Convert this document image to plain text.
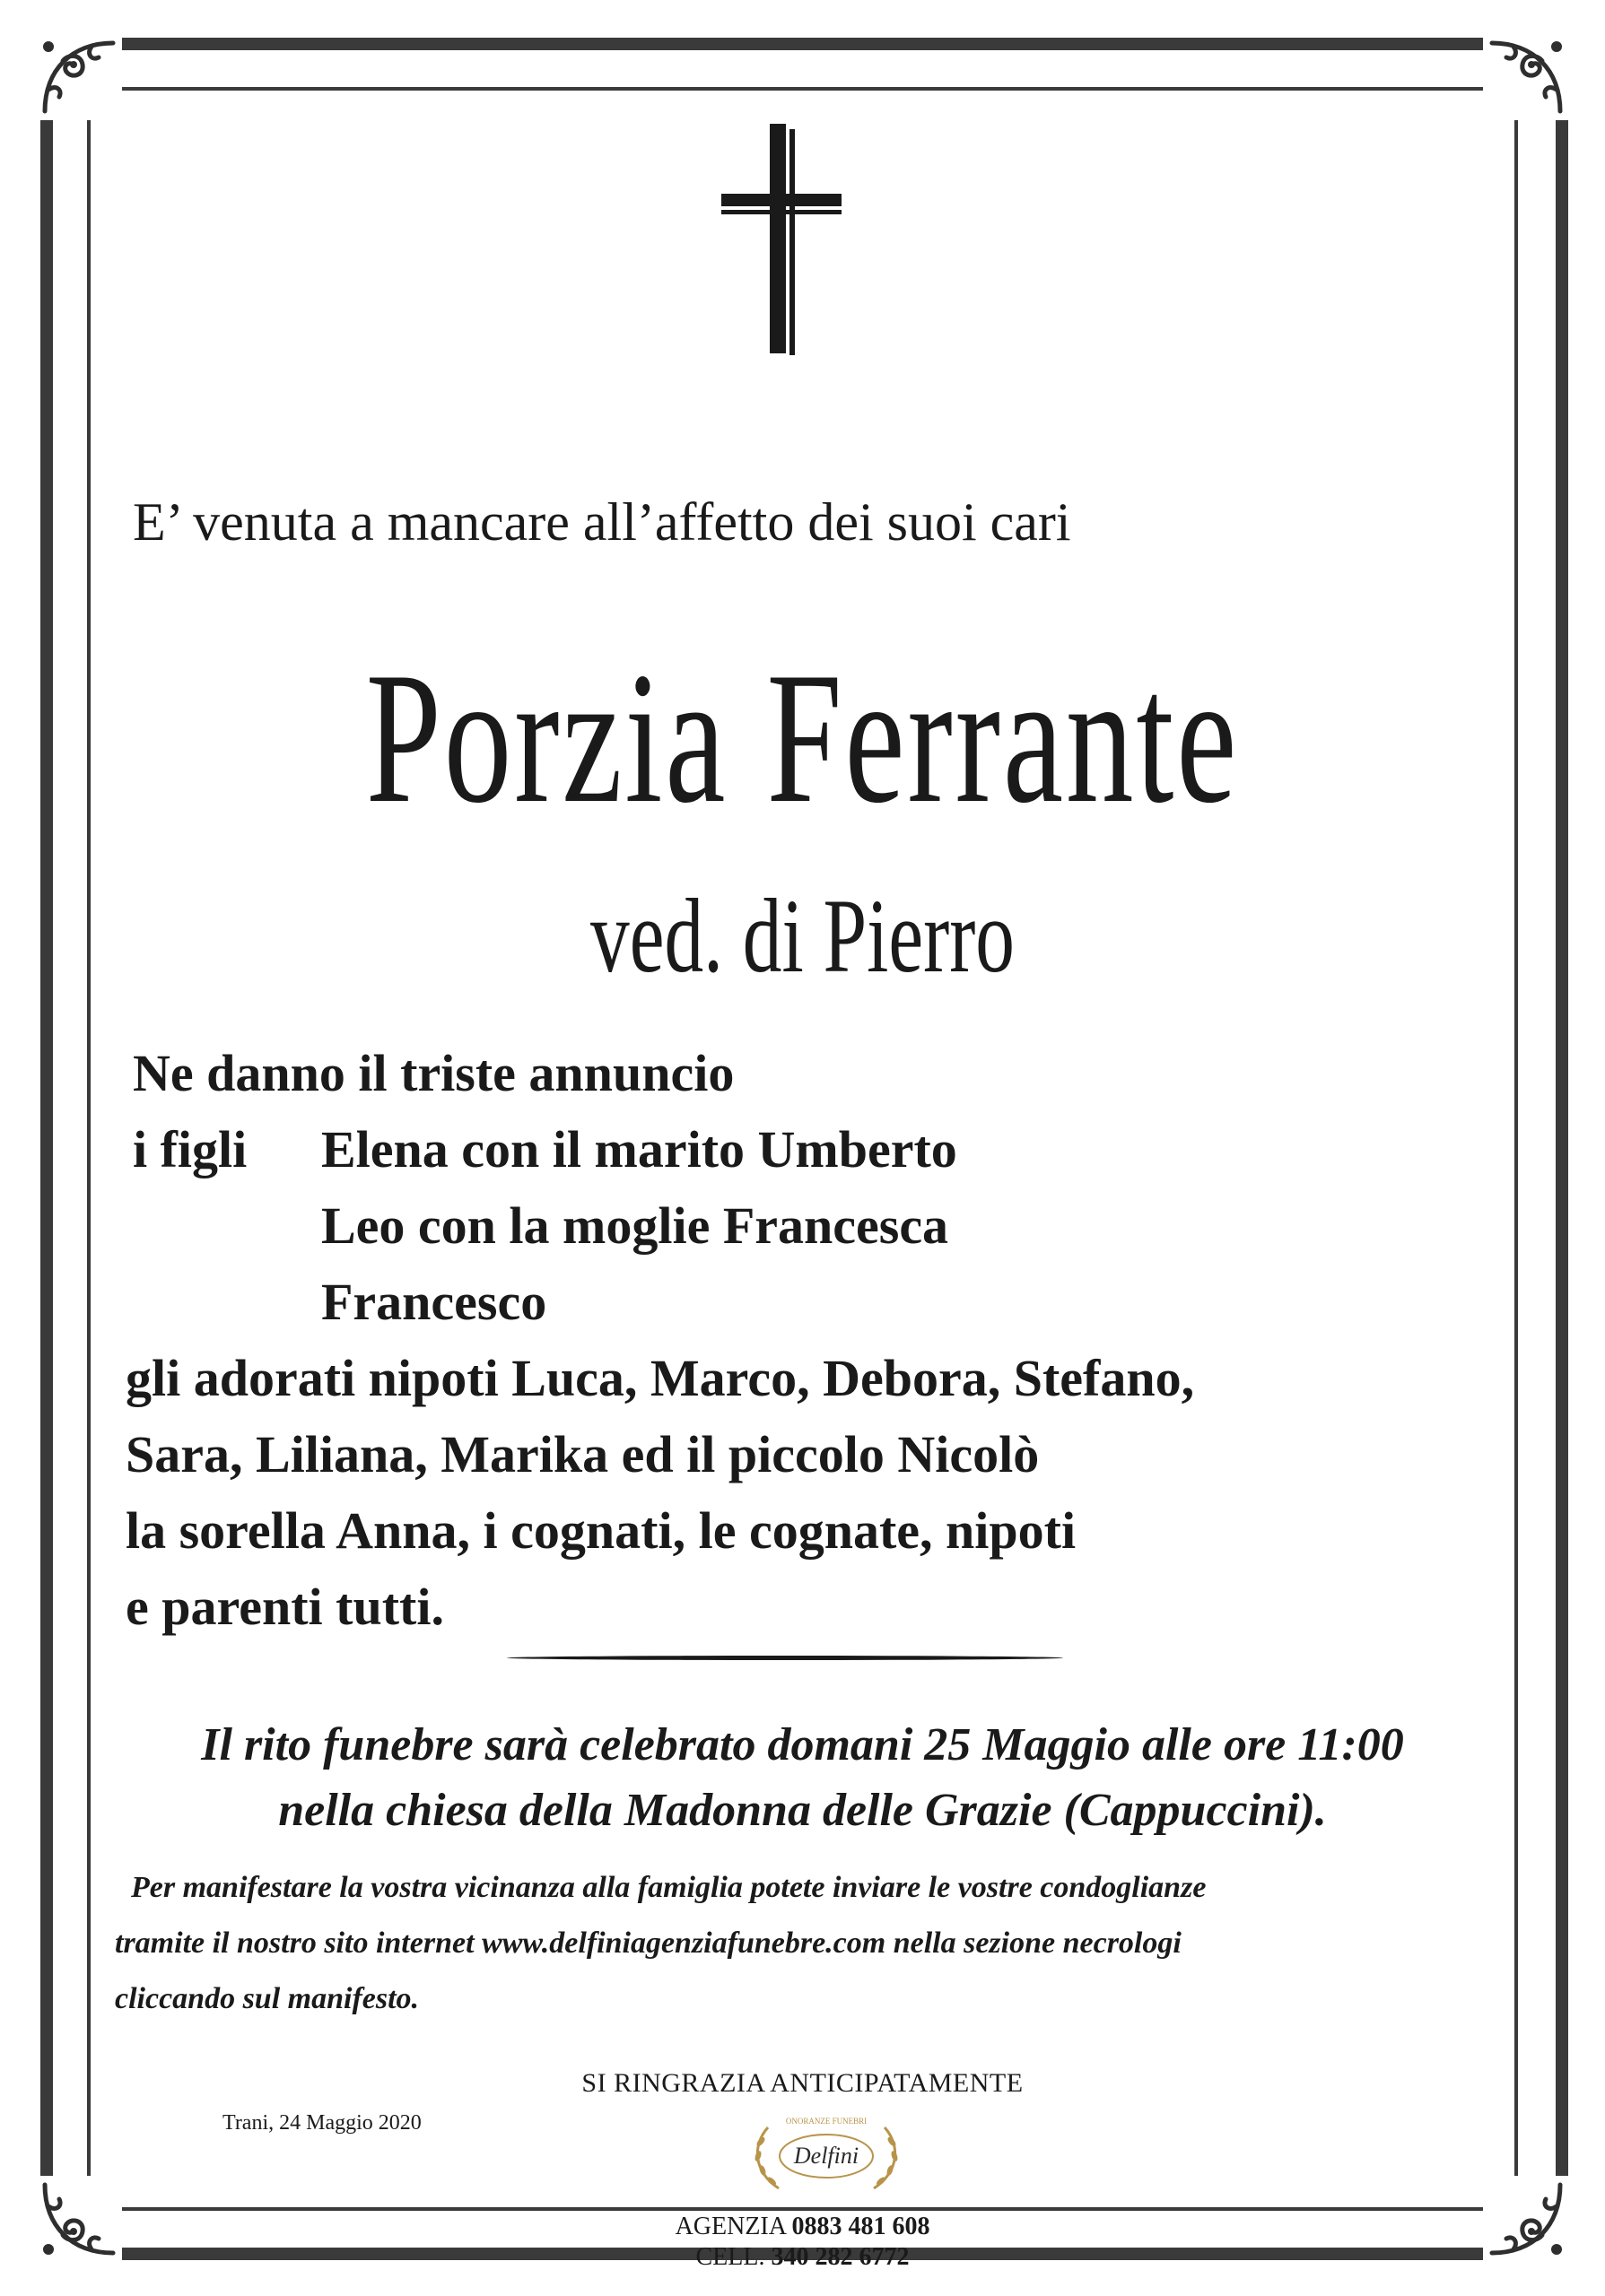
E’ venuta a mancare all’affetto dei suoi cari
Porzia Ferrante
ved. di Pierro
Ne danno il triste annuncio
i figli Elena con il marito Umberto
Leo con la moglie Francesca
Francesco
gli adorati nipoti Luca, Marco, Debora, Stefano,
Sara, Liliana, Marika ed il piccolo Nicolò
la sorella Anna, i cognati, le cognate, nipoti
e parenti tutti.
Il rito funebre sarà celebrato domani 25 Maggio alle ore 11:00
nella chiesa della Madonna delle Grazie (Cappuccini).
Per manifestare la vostra vicinanza alla famiglia potete inviare le vostre condoglianze
tramite il nostro sito internet www.delfiniagenziafunebre.com nella sezione necrologi
cliccando sul manifesto.
SI RINGRAZIA ANTICIPATAMENTE
Trani, 24 Maggio 2020	ONORANZE FUNEBRI
Delfini
AGENZIA 0883 481 608
CELL. 340 282 6772
